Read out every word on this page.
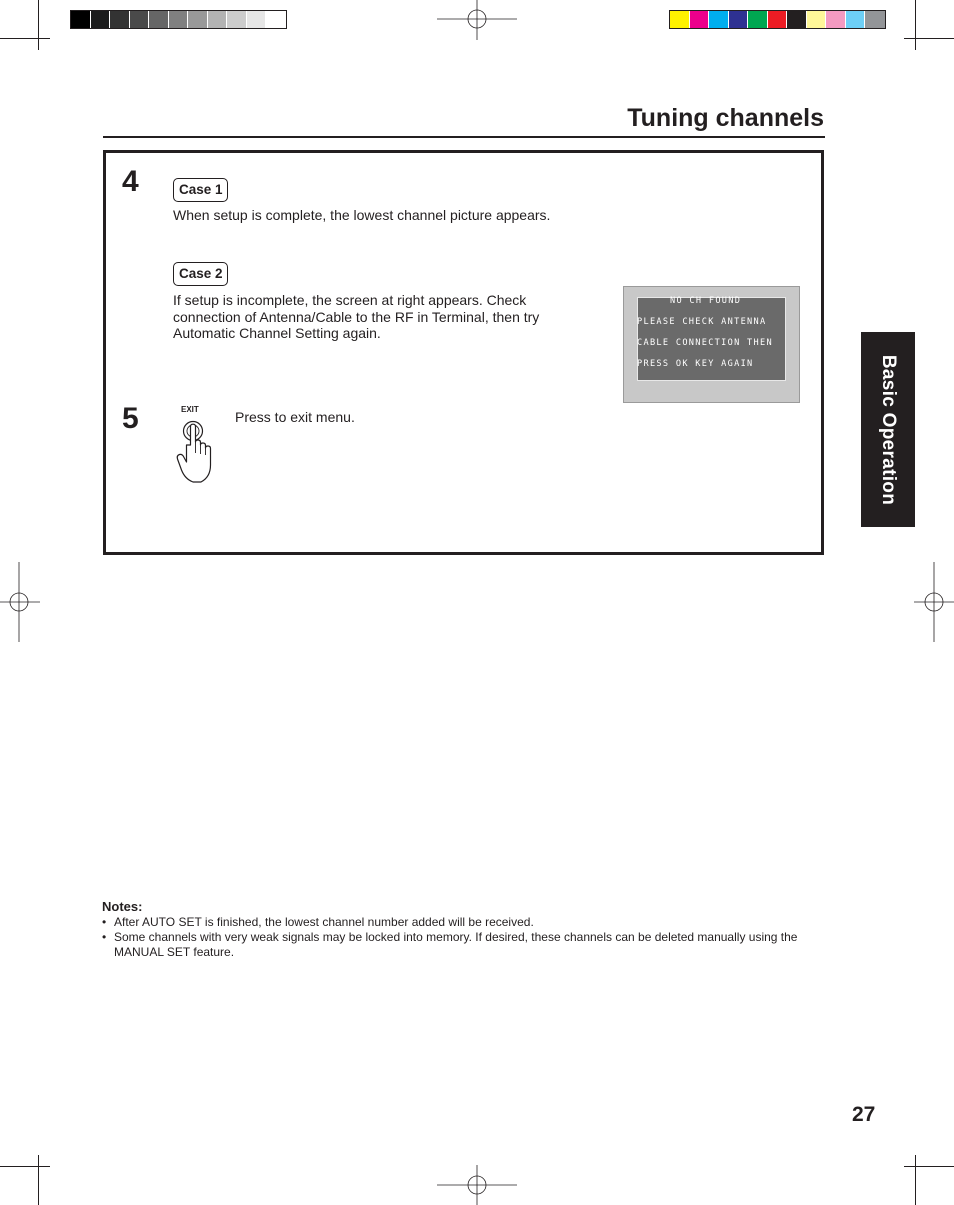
Tuning channels
4	Case 1
When setup is complete, the lowest channel picture appears.
Case 2
If setup is incomplete, the screen at right appears. Check
connection of Antenna/Cable to the RF in Terminal, then try
Automatic Channel Setting again.
NO CH FOUND
PLEASE CHECK ANTENNA
CABLE CONNECTION THEN
PRESS OK KEY AGAIN
5	EXIT	Press to exit menu.	Basic Operation
Notes:
• After AUTO SET is finished, the lowest channel number added will be received.
• Some channels with very weak signals may be locked into memory. If desired, these channels can be deleted manually using the MANUAL SET feature.
27
